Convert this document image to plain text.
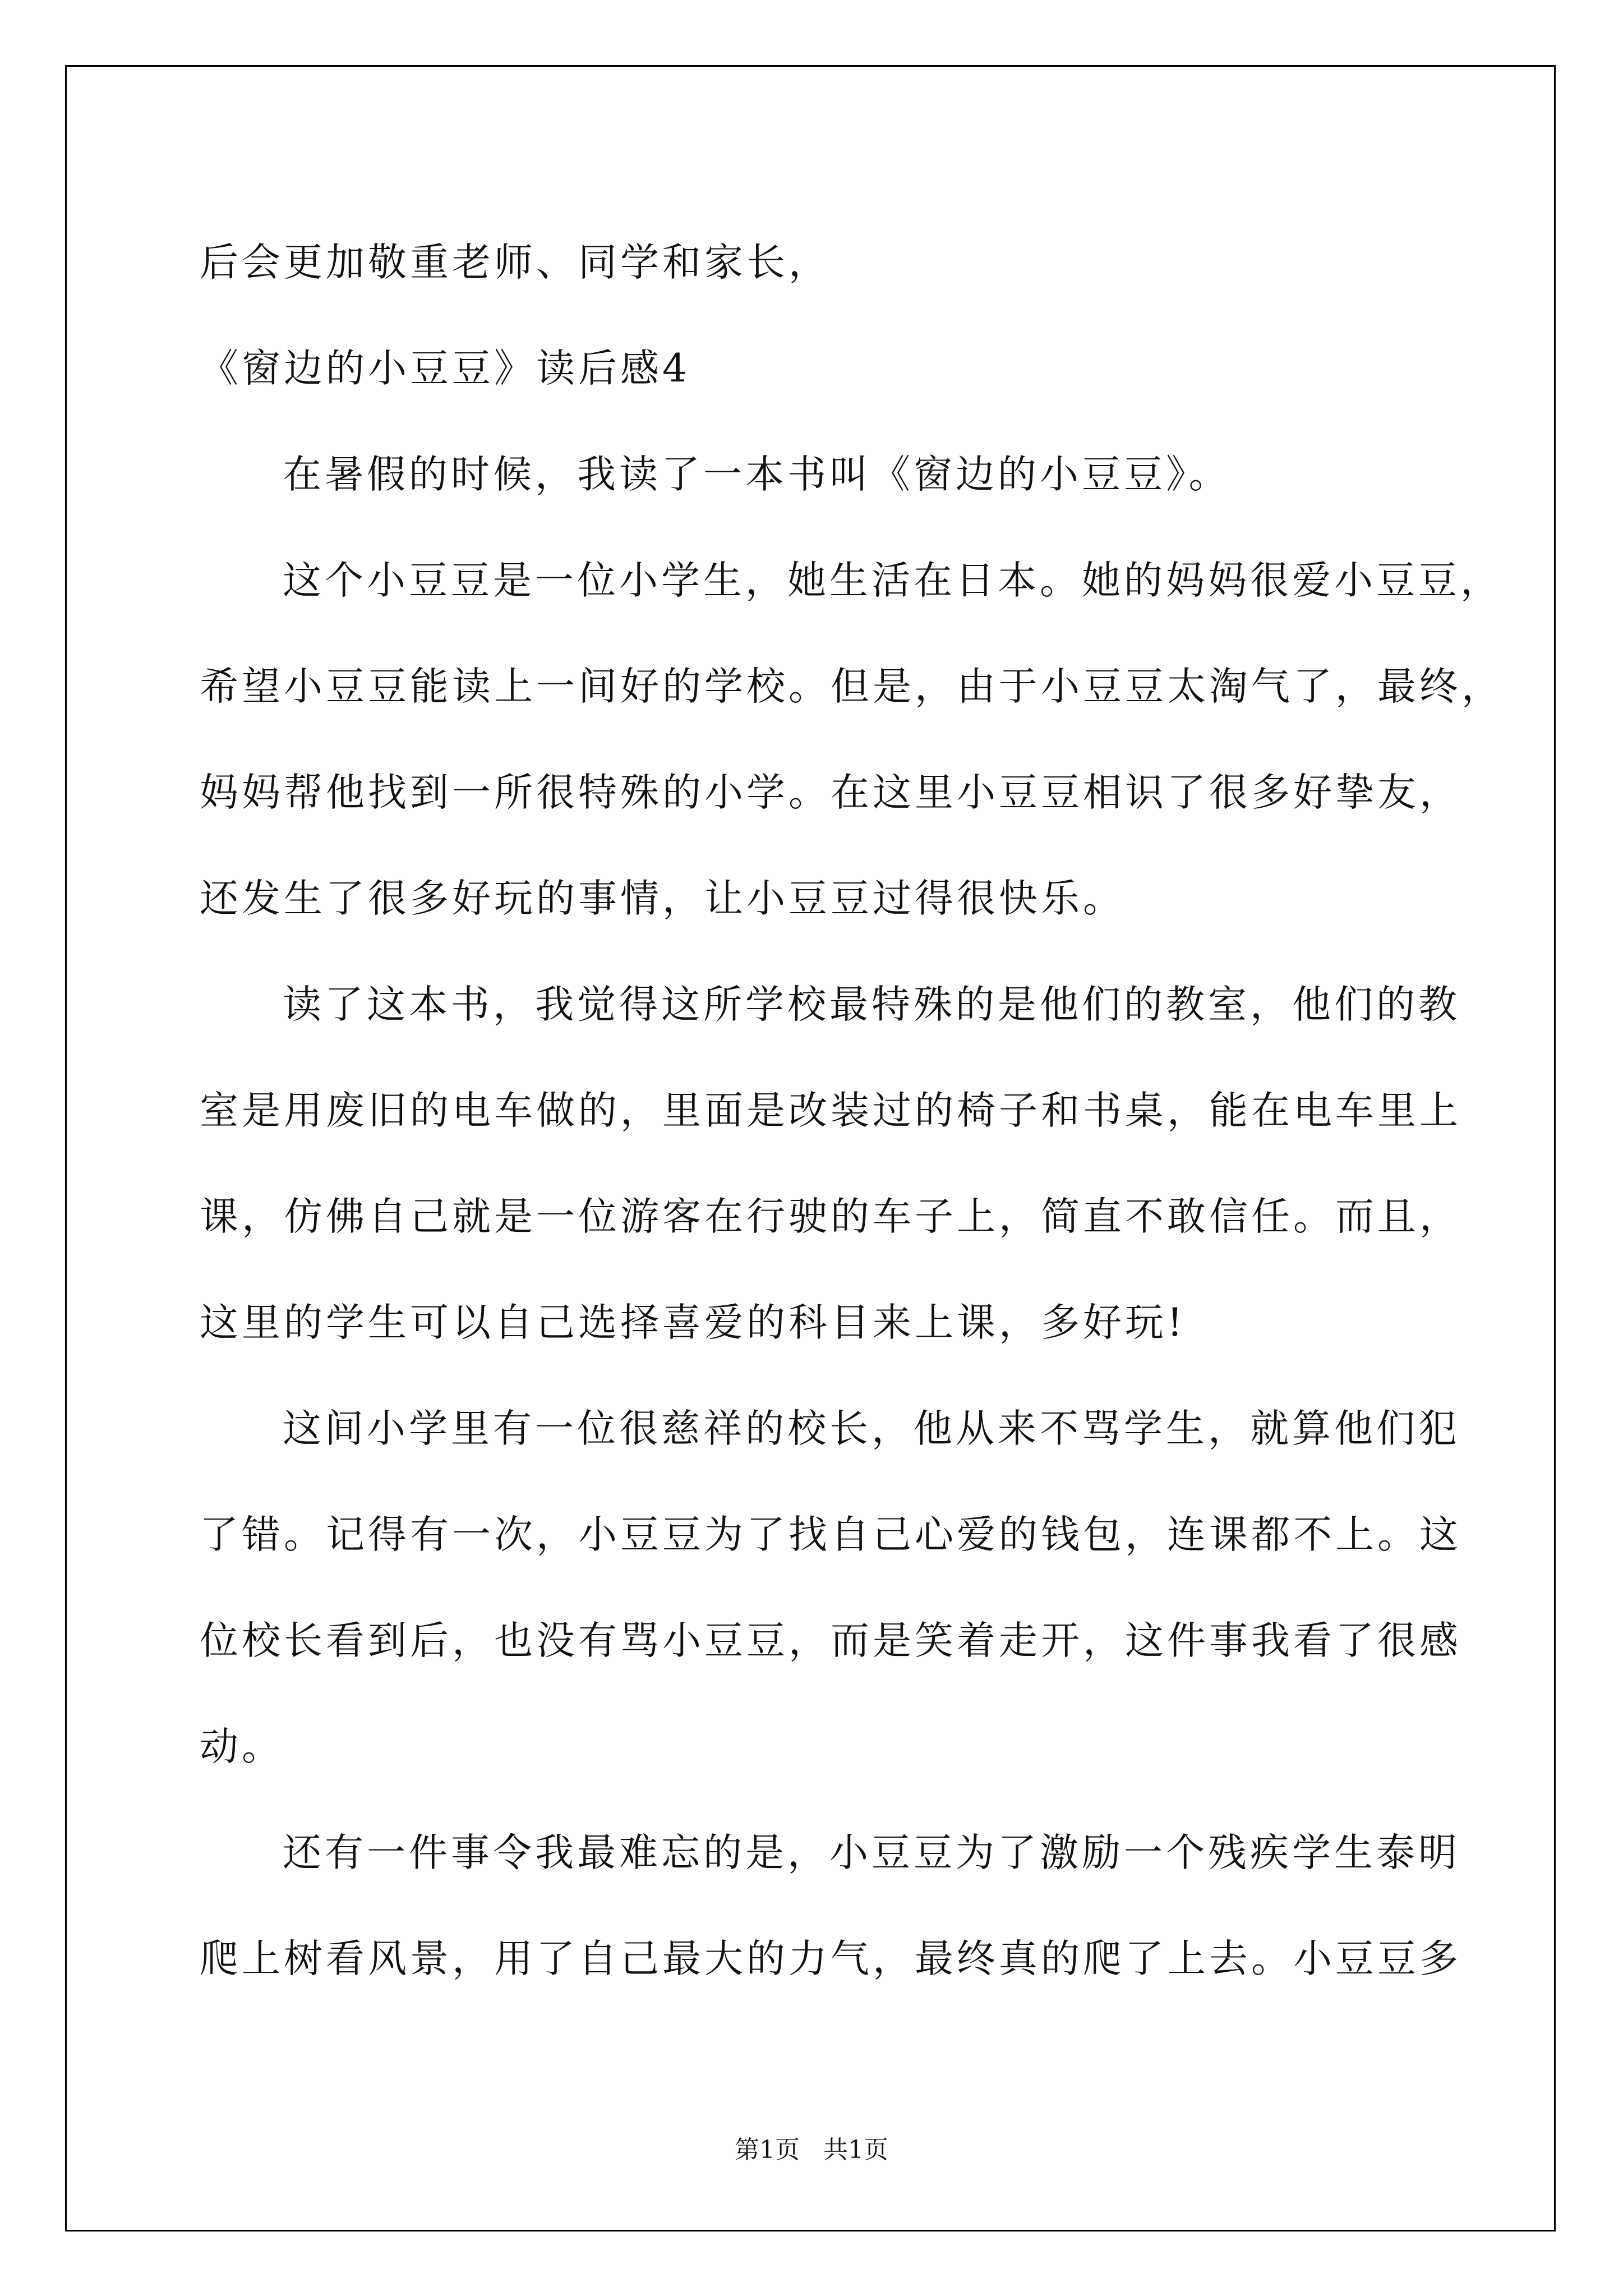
后会更加敬重老师、同学和家长，
《窗边的小豆豆》读后感4
在暑假的时候，我读了一本书叫《窗边的小豆豆》。
这个小豆豆是一位小学生，她生活在日本。她的妈妈很爱小豆豆，
希望小豆豆能读上一间好的学校。但是，由于小豆豆太淘气了，最终，
妈妈帮他找到一所很特殊的小学。在这里小豆豆相识了很多好挚友，
还发生了很多好玩的事情，让小豆豆过得很快乐。
读了这本书，我觉得这所学校最特殊的是他们的教室，他们的教
室是用废旧的电车做的，里面是改装过的椅子和书桌，能在电车里上
课，仿佛自己就是一位游客在行驶的车子上，简直不敢信任。而且，
这里的学生可以自己选择喜爱的科目来上课，多好玩!
这间小学里有一位很慈祥的校长，他从来不骂学生，就算他们犯
了错。记得有一次，小豆豆为了找自己心爱的钱包，连课都不上。这
位校长看到后，也没有骂小豆豆，而是笑着走开，这件事我看了很感
动。
还有一件事令我最难忘的是，小豆豆为了激励一个残疾学生泰明
爬上树看风景，用了自己最大的力气，最终真的爬了上去。小豆豆多
第1页   共1页
